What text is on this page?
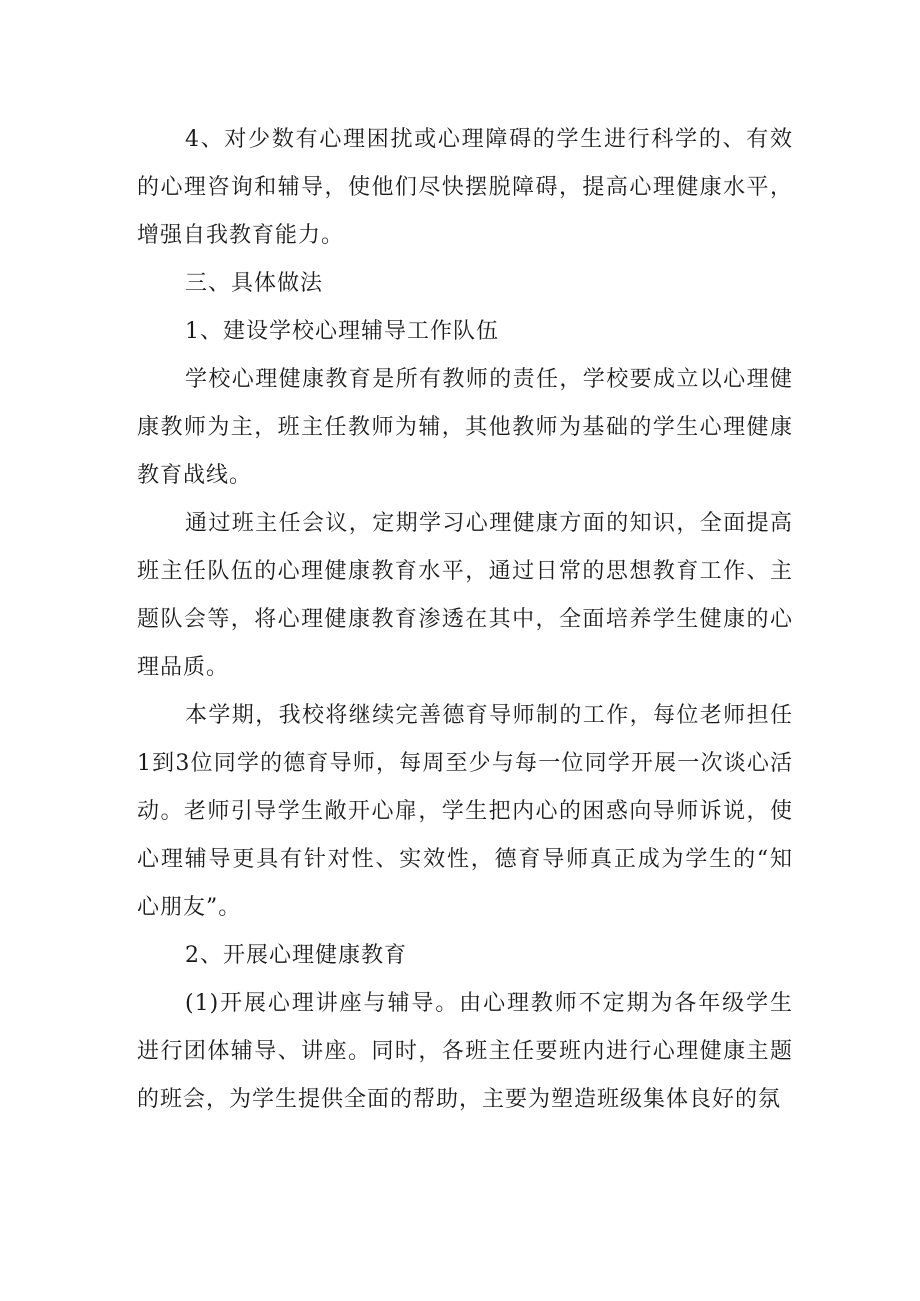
4、对少数有心理困扰或心理障碍的学生进行科学的、有效的心理咨询和辅导，使他们尽快摆脱障碍，提高心理健康水平，增强自我教育能力。

三、具体做法

1、建设学校心理辅导工作队伍

学校心理健康教育是所有教师的责任，学校要成立以心理健康教师为主，班主任教师为辅，其他教师为基础的学生心理健康教育战线。

通过班主任会议，定期学习心理健康方面的知识，全面提高班主任队伍的心理健康教育水平，通过日常的思想教育工作、主题队会等，将心理健康教育渗透在其中，全面培养学生健康的心理品质。

本学期，我校将继续完善德育导师制的工作，每位老师担任1到3位同学的德育导师，每周至少与每一位同学开展一次谈心活动。老师引导学生敞开心扉，学生把内心的困惑向导师诉说，使心理辅导更具有针对性、实效性，德育导师真正成为学生的“知心朋友”。

2、开展心理健康教育

(1)开展心理讲座与辅导。由心理教师不定期为各年级学生进行团体辅导、讲座。同时，各班主任要班内进行心理健康主题的班会，为学生提供全面的帮助，主要为塑造班级集体良好的氛
